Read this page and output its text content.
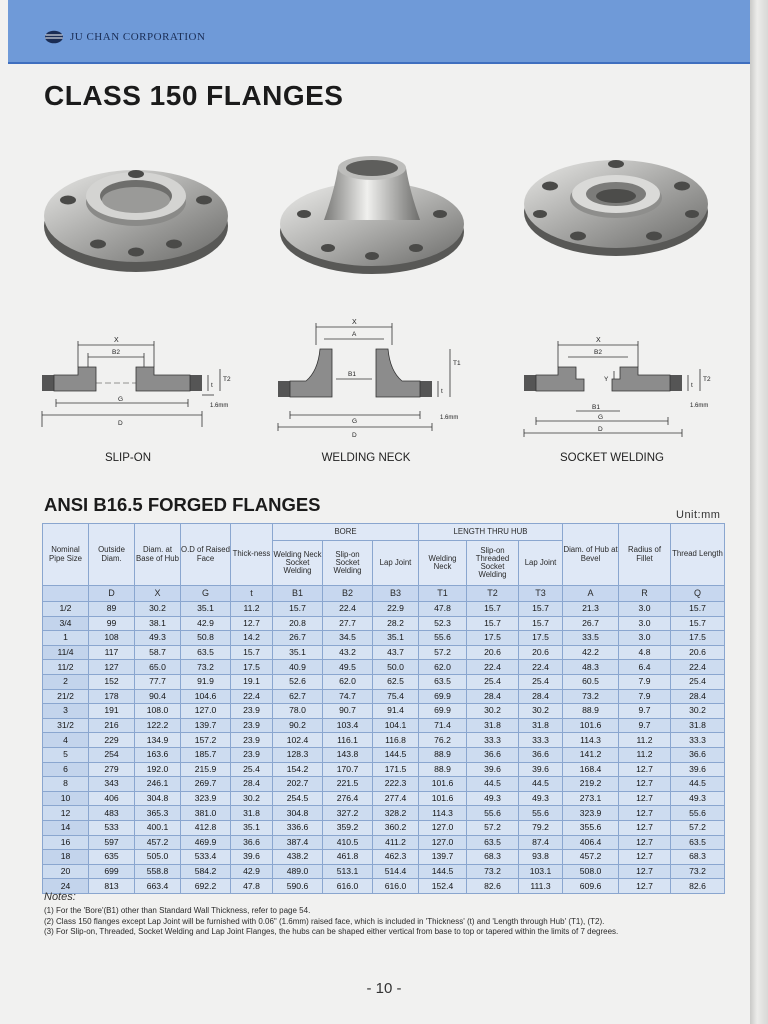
JU CHAN CORPORATION
CLASS 150 FLANGES
X
B2
t
T2
G
D
1.6mm
X
A
B1
t
T1
G
D
1.6mm
X
B2
Y
t
T2
B1
G
D
1.6mm
SLIP-ON	WELDING NECK	SOCKET WELDING
ANSI B16.5 FORGED FLANGES	Unit:mm
Nominal Pipe Size	Outside Diam.	Diam. at Base of Hub	O.D of Raised Face	Thick-ness	BORE			LENGTH THRU HUB			Diam. of Hub at Bevel	Radius of Fillet	Thread Length
					Welding Neck Socket Welding	Slip-on Socket Welding	Lap Joint	Welding Neck	Slip-on Threaded Socket Welding	Lap Joint			
	D	X	G	t	B1	B2	B3	T1	T2	T3	A	R	Q
1/2	89	30.2	35.1	11.2	15.7	22.4	22.9	47.8	15.7	15.7	21.3	3.0	15.7
3/4	99	38.1	42.9	12.7	20.8	27.7	28.2	52.3	15.7	15.7	26.7	3.0	15.7
1	108	49.3	50.8	14.2	26.7	34.5	35.1	55.6	17.5	17.5	33.5	3.0	17.5
11/4	117	58.7	63.5	15.7	35.1	43.2	43.7	57.2	20.6	20.6	42.2	4.8	20.6
11/2	127	65.0	73.2	17.5	40.9	49.5	50.0	62.0	22.4	22.4	48.3	6.4	22.4
2	152	77.7	91.9	19.1	52.6	62.0	62.5	63.5	25.4	25.4	60.5	7.9	25.4
21/2	178	90.4	104.6	22.4	62.7	74.7	75.4	69.9	28.4	28.4	73.2	7.9	28.4
3	191	108.0	127.0	23.9	78.0	90.7	91.4	69.9	30.2	30.2	88.9	9.7	30.2
31/2	216	122.2	139.7	23.9	90.2	103.4	104.1	71.4	31.8	31.8	101.6	9.7	31.8
4	229	134.9	157.2	23.9	102.4	116.1	116.8	76.2	33.3	33.3	114.3	11.2	33.3
5	254	163.6	185.7	23.9	128.3	143.8	144.5	88.9	36.6	36.6	141.2	11.2	36.6
6	279	192.0	215.9	25.4	154.2	170.7	171.5	88.9	39.6	39.6	168.4	12.7	39.6
8	343	246.1	269.7	28.4	202.7	221.5	222.3	101.6	44.5	44.5	219.2	12.7	44.5
10	406	304.8	323.9	30.2	254.5	276.4	277.4	101.6	49.3	49.3	273.1	12.7	49.3
12	483	365.3	381.0	31.8	304.8	327.2	328.2	114.3	55.6	55.6	323.9	12.7	55.6
14	533	400.1	412.8	35.1	336.6	359.2	360.2	127.0	57.2	79.2	355.6	12.7	57.2
16	597	457.2	469.9	36.6	387.4	410.5	411.2	127.0	63.5	87.4	406.4	12.7	63.5
18	635	505.0	533.4	39.6	438.2	461.8	462.3	139.7	68.3	93.8	457.2	12.7	68.3
20	699	558.8	584.2	42.9	489.0	513.1	514.4	144.5	73.2	103.1	508.0	12.7	73.2
24	813	663.4	692.2	47.8	590.6	616.0	616.0	152.4	82.6	111.3	609.6	12.7	82.6
Notes:
(1) For the 'Bore'(B1) other than Standard Wall Thickness, refer to page 54.
(2) Class 150 flanges except Lap Joint will be furnished with 0.06" (1.6mm) raised face, which is included in 'Thickness' (t) and 'Length through Hub' (T1), (T2).
(3) For Slip-on, Threaded, Socket Welding and Lap Joint Flanges, the hubs can be shaped either vertical from base to top or tapered within the limits of 7 degrees.
- 10 -
